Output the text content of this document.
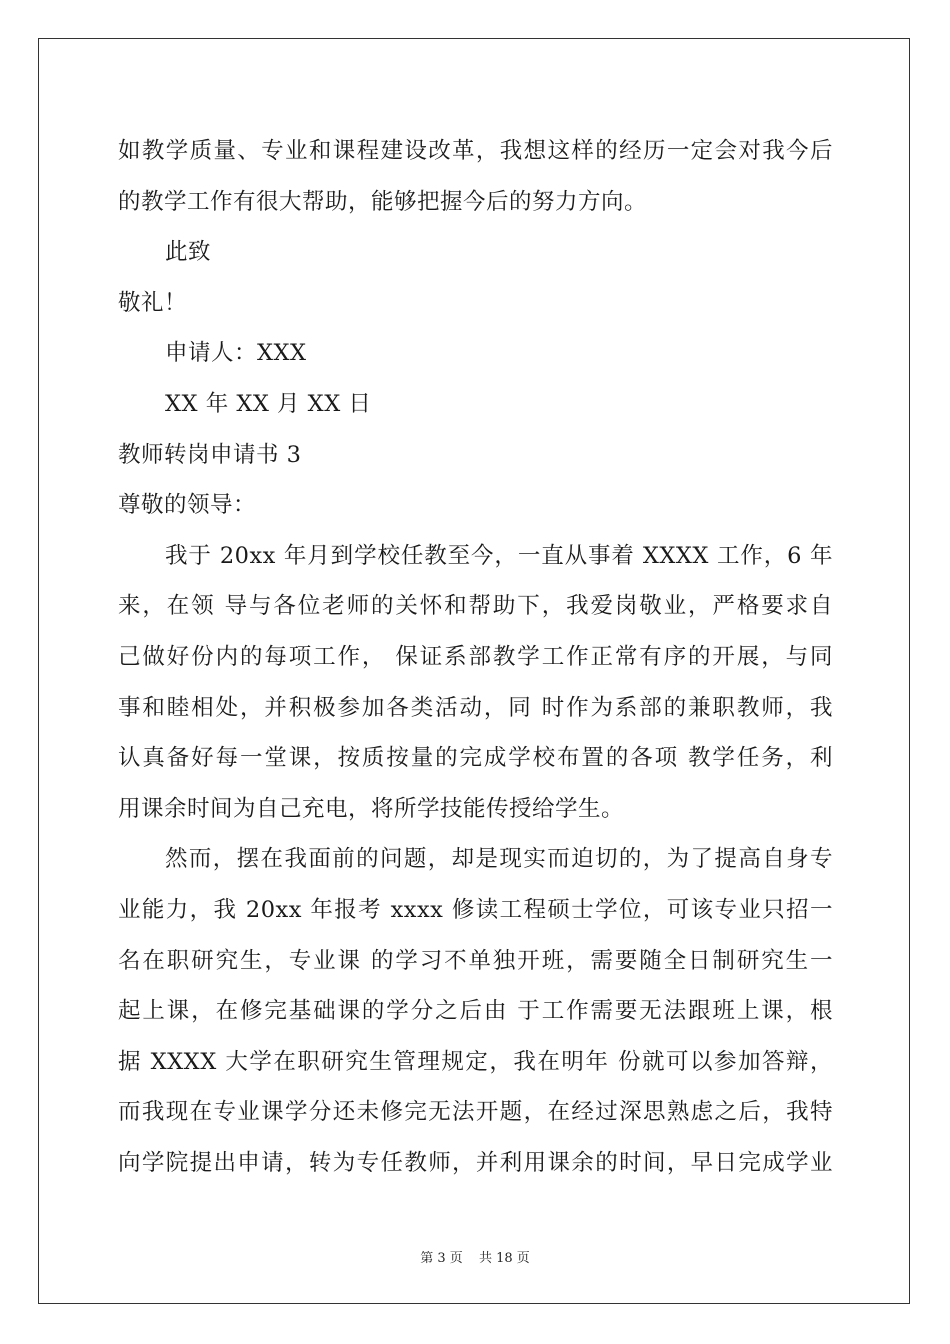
如教学质量、专业和课程建设改革，我想这样的经历一定会对我今后
的教学工作有很大帮助，能够把握今后的努力方向。
此致
敬礼！
申请人：XXX
XX 年 XX 月 XX 日
教师转岗申请书 3
尊敬的领导：
我于 20xx 年月到学校任教至今，一直从事着 XXXX 工作，6 年
来，在领 导与各位老师的关怀和帮助下，我爱岗敬业，严格要求自
己做好份内的每项工作， 保证系部教学工作正常有序的开展，与同
事和睦相处，并积极参加各类活动，同 时作为系部的兼职教师，我
认真备好每一堂课，按质按量的完成学校布置的各项 教学任务，利
用课余时间为自己充电，将所学技能传授给学生。
然而，摆在我面前的问题，却是现实而迫切的，为了提高自身专
业能力，我 20xx 年报考 xxxx 修读工程硕士学位，可该专业只招一
名在职研究生，专业课 的学习不单独开班，需要随全日制研究生一
起上课，在修完基础课的学分之后由 于工作需要无法跟班上课，根
据 XXXX 大学在职研究生管理规定，我在明年 份就可以参加答辩，
而我现在专业课学分还未修完无法开题，在经过深思熟虑之后，我特
向学院提出申请，转为专任教师，并利用课余的时间，早日完成学业
第 3 页 共 18 页
